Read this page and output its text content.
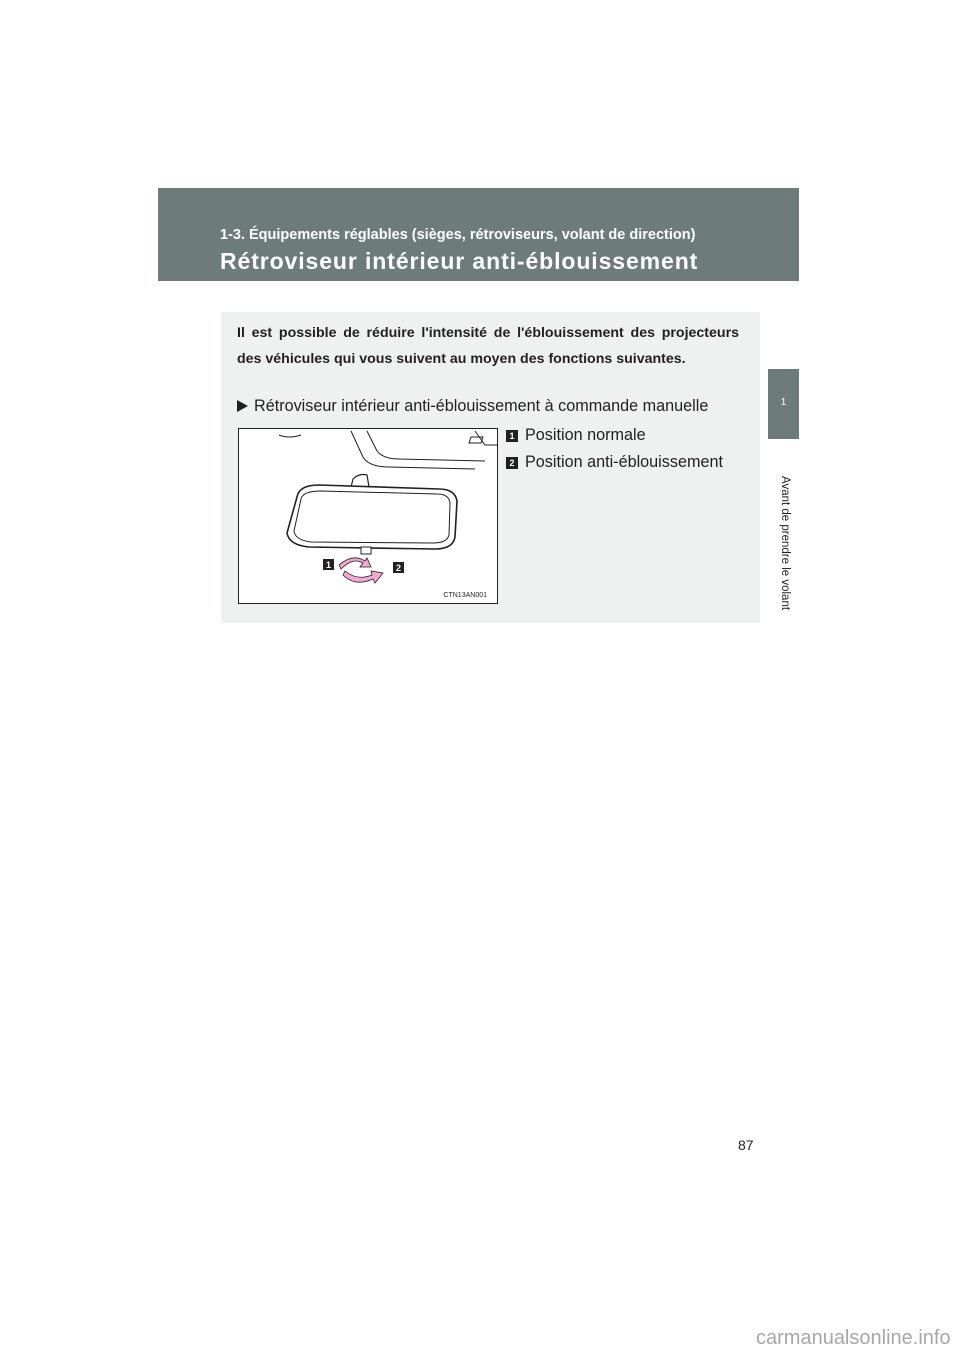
1-3. Équipements réglables (sièges, rétroviseurs, volant de direction)
Rétroviseur intérieur anti-éblouissement
1
Avant de prendre le volant

Il est possible de réduire l'intensité de l'éblouissement des projecteurs des véhicules qui vous suivent au moyen des fonctions suivantes.

Rétroviseur intérieur anti-éblouissement à commande manuelle
1	2
CTN13AN001
1 Position normale
2 Position anti-éblouissement
87
carmanualsonline.info
